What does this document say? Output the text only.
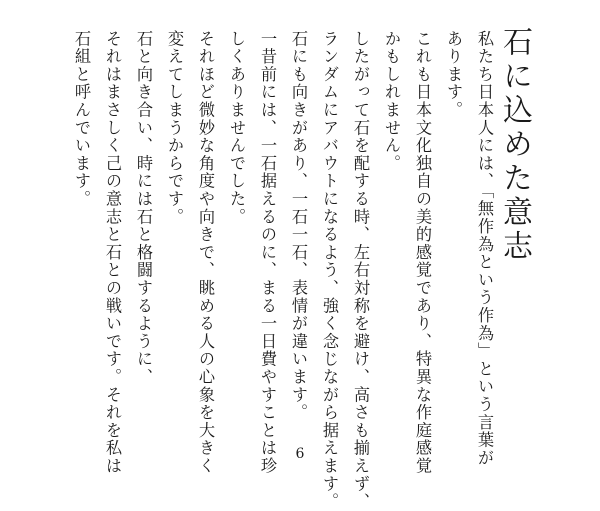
石に込めた意志
私たち日本人には、「無作為という作為」という言葉が
あります。
これも日本文化独自の美的感覚であり、特異な作庭感覚
かもしれません。
したがって石を配する時、左右対称を避け、高さも揃えず、
ランダムにアバウトになるよう、強く念じながら据えます。
石にも向きがあり、一石一石、表情が違います。
一昔前には、一石据えるのに、まる一日費やすことは珍
しくありませんでした。
それほど微妙な角度や向きで、眺める人の心象を大きく
変えてしまうからです。
石と向き合い、時には石と格闘するように、
それはまさしく己の意志と石との戦いです。それを私は
石組と呼んでいます。
6
